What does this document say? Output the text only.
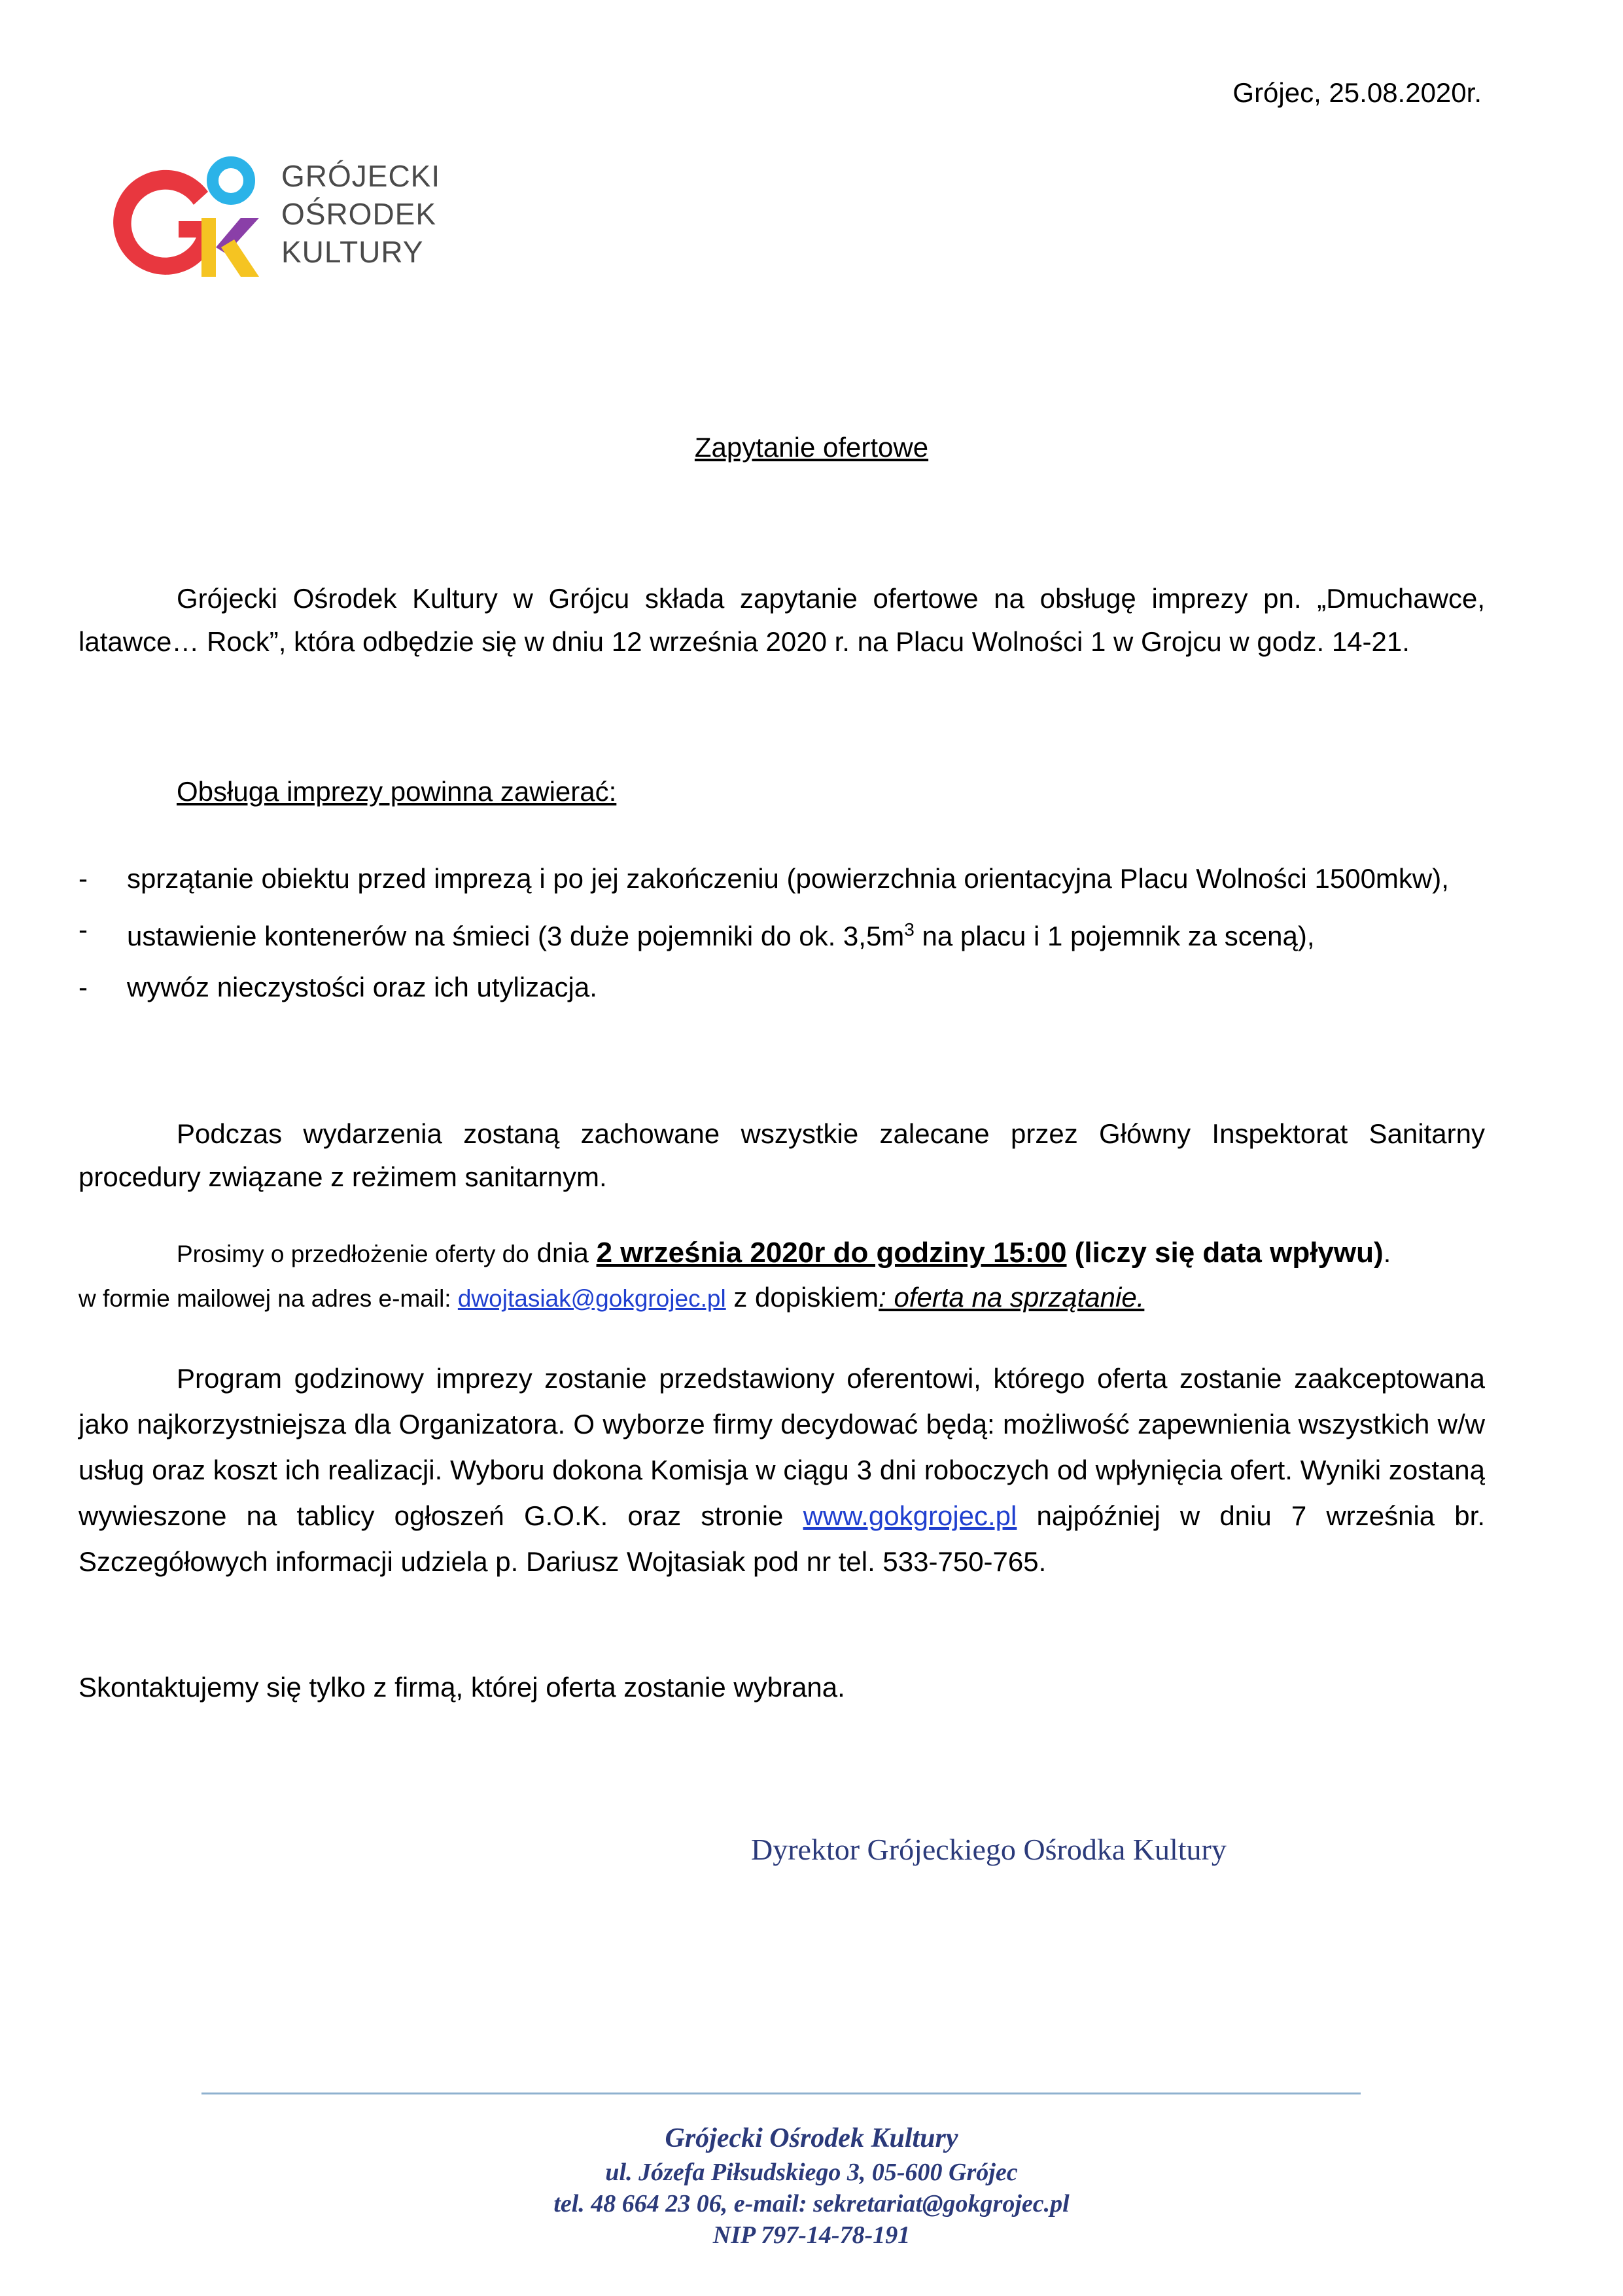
Grójec, 25.08.2020r.
GRÓJECKI
OŚRODEK
KULTURY
Zapytanie ofertowe
Grójecki Ośrodek Kultury w Grójcu składa zapytanie ofertowe na obsługę imprezy pn. „Dmuchawce, latawce… Rock”, która odbędzie się w dniu 12 września 2020 r. na Placu Wolności 1 w Grojcu w godz. 14-21.
Obsługa imprezy powinna zawierać:
- sprzątanie obiektu przed imprezą i po jej zakończeniu (powierzchnia orientacyjna Placu Wolności 1500mkw),
- ustawienie kontenerów na śmieci (3 duże pojemniki do ok. $3,5m^3$ na placu i 1 pojemnik za sceną),
- wywóz nieczystości oraz ich utylizacja.
Podczas wydarzenia zostaną zachowane wszystkie zalecane przez Główny Inspektorat Sanitarny procedury związane z reżimem sanitarnym.
Prosimy o przedłożenie oferty do dnia 2 września 2020r do godziny 15:00 (liczy się data wpływu).
w formie mailowej na adres e-mail: dwojtasiak@gokgrojec.pl z dopiskiem: oferta na sprzątanie.
Program godzinowy imprezy zostanie przedstawiony oferentowi, którego oferta zostanie zaakceptowana jako najkorzystniejsza dla Organizatora. O wyborze firmy decydować będą: możliwość zapewnienia wszystkich w/w usług oraz koszt ich realizacji. Wyboru dokona Komisja w ciągu 3 dni roboczych od wpłynięcia ofert. Wyniki zostaną wywieszone na tablicy ogłoszeń G.O.K. oraz stronie www.gokgrojec.pl najpóźniej w dniu 7 września br. Szczegółowych informacji udziela p. Dariusz Wojtasiak pod nr tel. 533-750-765.
Skontaktujemy się tylko z firmą, której oferta zostanie wybrana.
Dyrektor Grójeckiego Ośrodka Kultury
Grójecki Ośrodek Kultury
ul. Józefa Piłsudskiego 3, 05-600 Grójec
tel. 48 664 23 06, e-mail: sekretariat@gokgrojec.pl
NIP 797-14-78-191
